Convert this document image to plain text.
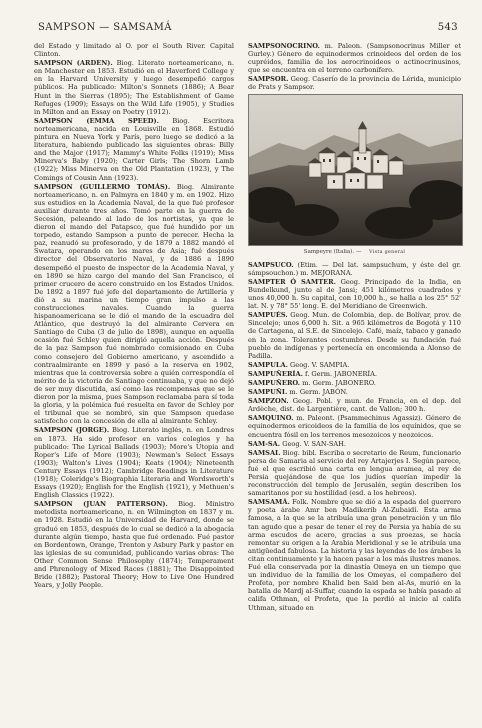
SAMPSON — SAMSAMÁ	543

del Estado y limitado al O. por el South River. Capital Clinton.

SAMPSON (ARDEN). Biog. Literato norteamericano, n. en Manchester en 1853. Estudió en el Haverford College y en la Harvard University y luego desempeñó cargos públicos. Ha publicado: Milton's Sonnets (1886); A Bear Hunt in the Sierras (1895); The Establishment of Game Refuges (1909); Essays on the Wild Life (1905), y Studies in Milton and an Essay on Poetry (1912).

SAMPSON (EMMA SPEED). Biog. Escritora norteamericana, nacida en Louisville en 1868. Estudió pintura en Nueva York y París, pero luego se dedicó a la literatura, habiendo publicado las siguientes obras: Billy and the Major (1917); Mammy's White Folks (1919); Miss Minerva's Baby (1920); Carter Girls; The Shorn Lamb (1922); Miss Minerva on the Old Plantation (1923), y The Comings of Cousin Ann (1923).

SAMPSON (GUILLERMO TOMÁS). Biog. Almirante norteamericano, n. en Palmyra en 1840 y m. en 1902. Hizo sus estudios en la Academia Naval, de la que fué profesor auxiliar durante tres años. Tomó parte en la guerra de Secesión, peleando al lado de los nortistas, ya que le dieron el mando del Patapsco, que fué hundido por un torpedo, estando Sampson a punto de perecer. Hecha la paz, reanudó su profesorado, y de 1879 a 1882 mandó el Swatara, operando en los mares de Asia; fué después director del Observatorio Naval, y de 1886 a 1890 desempeñó el puesto de inspector de la Academia Naval, y en 1890 se hizo cargo del mando del San Francisco, el primer crucero de acero construido en los Estados Unidos. De 1892 a 1897 fué jefe del departamento de Artillería y dió a su marina un tiempo gran impulso a las construcciones navales. Cuando la guerra hispanoamericana se le dió el mando de la escuadra del Atlántico, que destruyó la del almirante Cervera en Santiago de Cuba (3 de julio de 1898), aunque en aquella ocasión fué Schley quien dirigió aquella acción. Después de la paz Sampson fué nombrado comisionado en Cuba como consejero del Gobierno americano, y ascendido a contraalmirante en 1899 y pasó a la reserva en 1902, mientras que la controversia sobre a quién correspondía el mérito de la victoria de Santiago continuaba, y que no dejó de ser muy discutida, así como las recompensas que se le dieron por la misma, pues Sampson reclamaba para sí toda la gloria, y la polémica fué resuelta en favor de Schley por el tribunal que se nombró, sin que Sampson quedase satisfecho con la concesión de ella al almirante Schley.

SAMPSON (JORGE). Biog. Literato inglés, n. en Londres en 1873. Ha sido profesor en varios colegios y ha publicado: The Lyrical Ballads (1903); More's Utopia and Roper's Life of More (1903); Newman's Select Essays (1903); Walton's Lives (1904); Keats (1904); Nineteenth Century Essays (1912); Cambridge Readings in Literature (1918); Coleridge's Biographia Literaria and Wordsworth's Essays (1920); English for the English (1921), y Methuen's English Classics (1922).

SAMPSON (JUAN PATTERSON). Biog. Ministro metodista norteamericano, n. en Wilmington en 1837 y m. en 1928. Estudió en la Universidad de Harvard, donde se graduó en 1853, después de lo cual se dedicó a la abogacía durante algún tiempo, hasta que fué ordenado. Fué pastor en Bordentown, Orange, Trenton y Asbury Park y pastor en las iglesias de su comunidad, publicando varias obras: The Other Common Sense Philosophy (1874); Temperament and Phrenology of Mixed Races (1881); The Disappointed Bride (1882); Pastoral Theory; How to Live One Hundred Years, y Jolly People.

SAMPSONOCRINO. m. Paleon. (Sampsonocrinus Miller et Gurley.) Género de equinodermos crinoideos del orden de los cupréidos, familia de los aerocrinoideos o actinocrinusinos, que se encuentra en el terreno carbonífero.

SAMPSOR. Geog. Caserío de la provincia de Lérida, municipio de Prats y Sampsor.

Sampeyre (Italia). — Vista general

SAMPSUCO. (Etim. — Del lat. sampsuchum, y éste del gr. sámpsouchon.) m. MEJORANA.

SAMPTER Ó SAMTER. Geog. Principado de la India, en Bundelkund, junto al de Jansi; 451 kilómetros cuadrados y unos 40,000 h. Su capital, con 10,000 h., se halla a los 25° 52' lat. N. y 78° 55' long. E. del Meridiano de Greenwich.

SAMPUÉS. Geog. Mun. de Colombia, dep. de Bolívar, prov. de Sincelejo; unos 6,000 h. Sit. a 965 kilómetros de Bogotá y 110 de Cartagena, al S.E. de Sincelejo. Café, maíz, tabaco y ganado en la zona. Tolerantes costumbres. Desde su fundación fué pueblo de indígenas y pertenecía en encomienda a Alonso de Padilla.

SAMPULA. Geog. V. SAMPIA.

SAMPUÑERÍA. f. Germ. JABONERÍA.

SAMPUÑERO. m. Germ. JABONERO.

SAMPUÑI. m. Germ. JABÓN.

SAMPZON. Geog. Pobl. y mun. de Francia, en el dep. del Ardèche, dist. de Largentière, cant. de Vallon; 300 h.

SAMQUINO. m. Paleont. (Psammechinus Agassiz). Género de equinodermos ericoideos de la familia de los equínidos, que se encuentra fósil en los terrenos mesozoicos y neozoicos.

SAM-SA. Geog. V. SAN-SAH.

SAMSAI. Biog. bibl. Escriba o secretario de Reum, funcionario persa de Samaria al servicio del rey Artajerjes I. Según parece, fué el que escribió una carta en lengua aramea, al rey de Persia quejándose de que los judíos querían impedir la reconstrucción del templo de Jerusalén, según describen los samaritanos por su hostilidad (esd. a los hebreos).

SAMSAMÁ. Folk. Nombre que se dió a la espada del guerrero y poeta árabe Amr ben Madikerib Al-Zubaidí. Esta arma famosa, a la que se la atribuía una gran penetración y un filo tan agudo que a pesar de tener el rey de Persia ya había de su arma escudos de acero, gracias a sus proezas, se hacía remontar su origen a la Arabia Meridional y se le atribuía una antigüedad fabulosa. La historia y las leyendas de los árabes la citan continuamente y la hacen pasar a los más ilustres manos. Fué ella conservada por la dinastía Omeya en un tiempo que un individuo de la familia de los Omeyas, el compañero del Profeta, por nombre Khalid ben Said ben al-As, murió en la batalla de Mardj al-Suffar, cuando la espada se había pasado al califa Othman, el Profeta, que la perdió al inicio al califa Uthman, situado en
